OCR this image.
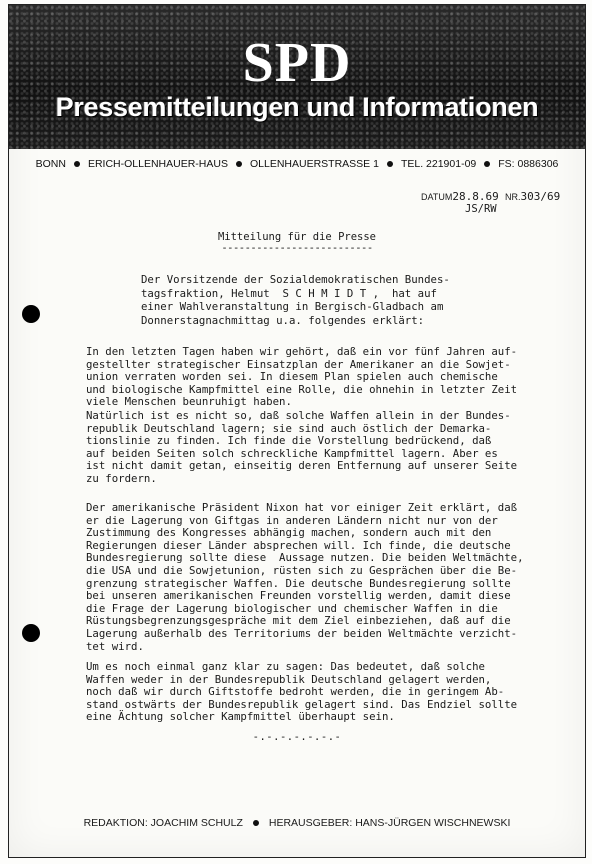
SPD
Pressemitteilungen und Informationen
BONN ERICH-OLLENHAUER-HAUS OLLENHAUERSTRASSE 1 TEL. 221901-09 FS: 0886306
DATUM28.8.69 NR.303/69
JS/RW
Mitteilung für die Presse
--------------------------
Der Vorsitzende der Sozialdemokratischen Bundes-
tagsfraktion, Helmut  S C H M I D T ,  hat auf
einer Wahlveranstaltung in Bergisch-Gladbach am
Donnerstagnachmittag u.a. folgendes erklärt:
In den letzten Tagen haben wir gehört, daß ein vor fünf Jahren auf-
gestellter strategischer Einsatzplan der Amerikaner an die Sowjet-
union verraten worden sei. In diesem Plan spielen auch chemische
und biologische Kampfmittel eine Rolle, die ohnehin in letzter Zeit
viele Menschen beunruhigt haben.
Natürlich ist es nicht so, daß solche Waffen allein in der Bundes-
republik Deutschland lagern; sie sind auch östlich der Demarka-
tionslinie zu finden. Ich finde die Vorstellung bedrückend, daß
auf beiden Seiten solch schreckliche Kampfmittel lagern. Aber es
ist nicht damit getan, einseitig deren Entfernung auf unserer Seite
zu fordern.
Der amerikanische Präsident Nixon hat vor einiger Zeit erklärt, daß
er die Lagerung von Giftgas in anderen Ländern nicht nur von der
Zustimmung des Kongresses abhängig machen, sondern auch mit den
Regierungen dieser Länder absprechen will. Ich finde, die deutsche
Bundesregierung sollte diese  Aussage nutzen. Die beiden Weltmächte,
die USA und die Sowjetunion, rüsten sich zu Gesprächen über die Be-
grenzung strategischer Waffen. Die deutsche Bundesregierung sollte
bei unseren amerikanischen Freunden vorstellig werden, damit diese
die Frage der Lagerung biologischer und chemischer Waffen in die
Rüstungsbegrenzungsgespräche mit dem Ziel einbeziehen, daß auf die
Lagerung außerhalb des Territoriums der beiden Weltmächte verzicht-
tet wird.
Um es noch einmal ganz klar zu sagen: Das bedeutet, daß solche
Waffen weder in der Bundesrepublik Deutschland gelagert werden,
noch daß wir durch Giftstoffe bedroht werden, die in geringem Ab-
stand ostwärts der Bundesrepublik gelagert sind. Das Endziel sollte
eine Ächtung solcher Kampfmittel überhaupt sein.
-.-.-.-.-.-.-
REDAKTION: JOACHIM SCHULZ HERAUSGEBER: HANS-JÜRGEN WISCHNEWSKI
